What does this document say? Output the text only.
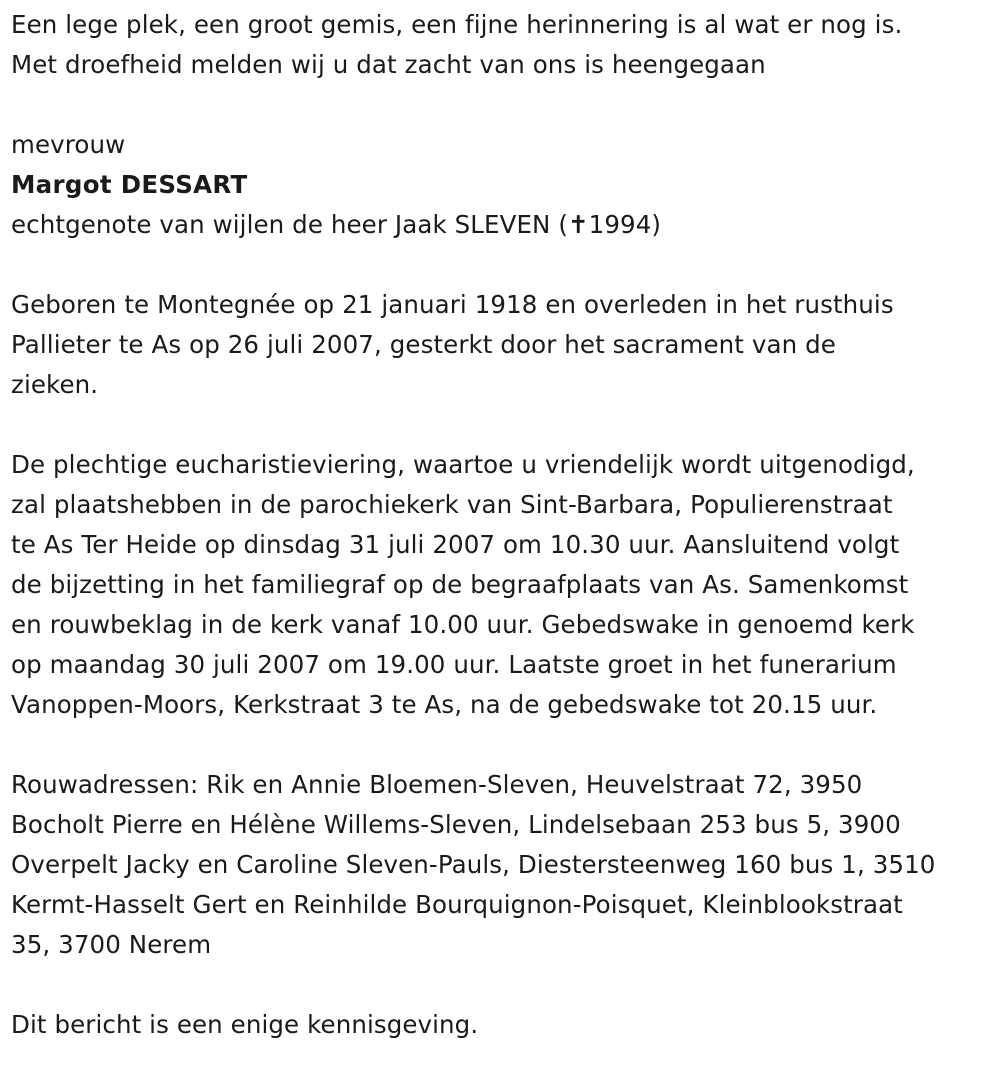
Een lege plek, een groot gemis, een fijne herinnering is al wat er nog is.
Met droefheid melden wij u dat zacht van ons is heengegaan
mevrouw
Margot DESSART
echtgenote van wijlen de heer Jaak SLEVEN (✝1994)
Geboren te Montegnée op 21 januari 1918 en overleden in het rusthuis
Pallieter te As op 26 juli 2007, gesterkt door het sacrament van de
zieken.
De plechtige eucharistieviering, waartoe u vriendelijk wordt uitgenodigd,
zal plaatshebben in de parochiekerk van Sint-Barbara, Populierenstraat
te As Ter Heide op dinsdag 31 juli 2007 om 10.30 uur. Aansluitend volgt
de bijzetting in het familiegraf op de begraafplaats van As. Samenkomst
en rouwbeklag in de kerk vanaf 10.00 uur. Gebedswake in genoemd kerk
op maandag 30 juli 2007 om 19.00 uur. Laatste groet in het funerarium
Vanoppen-Moors, Kerkstraat 3 te As, na de gebedswake tot 20.15 uur.
Rouwadressen: Rik en Annie Bloemen-Sleven, Heuvelstraat 72, 3950
Bocholt Pierre en Hélène Willems-Sleven, Lindelsebaan 253 bus 5, 3900
Overpelt Jacky en Caroline Sleven-Pauls, Diestersteenweg 160 bus 1, 3510
Kermt-Hasselt Gert en Reinhilde Bourquignon-Poisquet, Kleinblookstraat
35, 3700 Nerem
Dit bericht is een enige kennisgeving.
